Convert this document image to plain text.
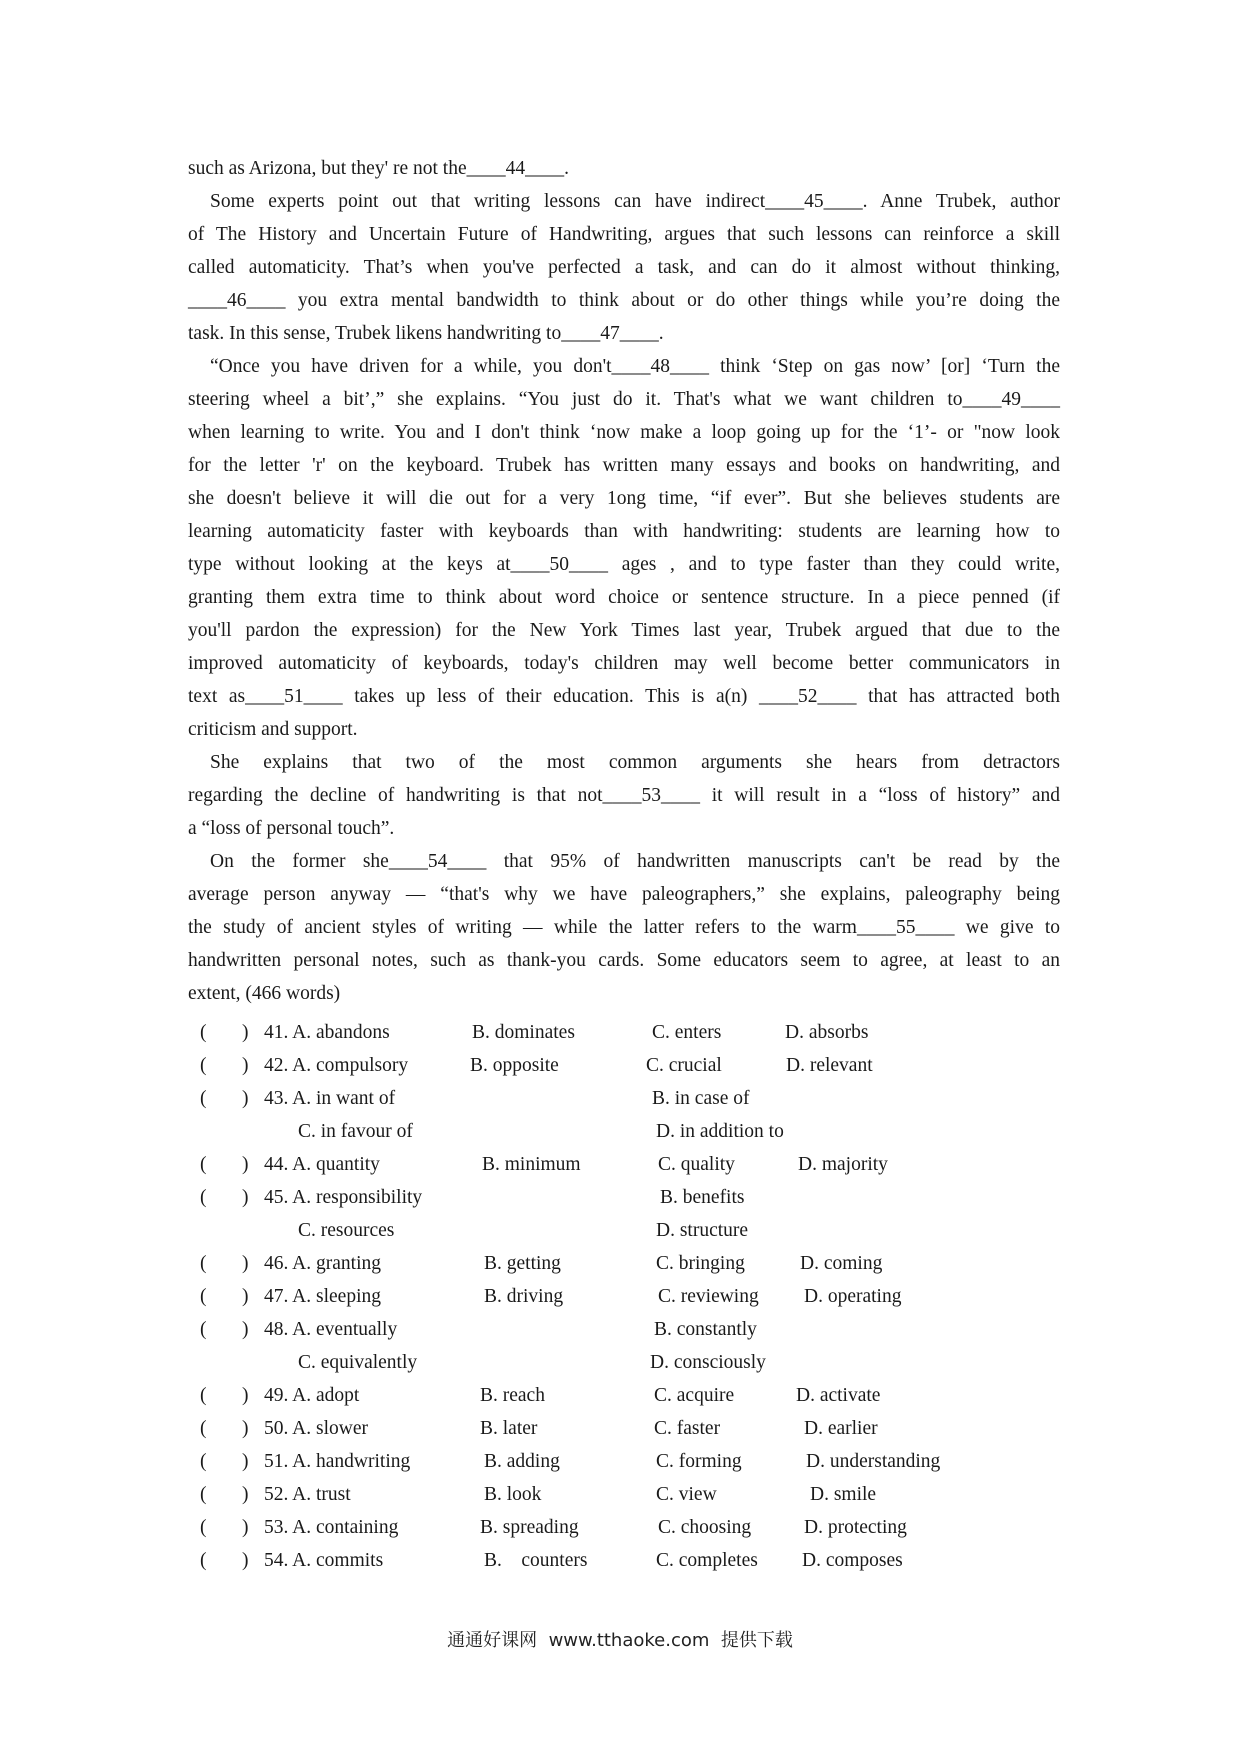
such as Arizona, but they' re not the____44____.
Some experts point out that writing lessons can have indirect____45____. Anne Trubek, author
of The History and Uncertain Future of Handwriting, argues that such lessons can reinforce a skill
called automaticity. That’s when you've perfected a task, and can do it almost without thinking,
____46____ you extra mental bandwidth to think about or do other things while you’re doing the
task. In this sense, Trubek likens handwriting to____47____.
“Once you have driven for a while, you don't____48____ think ‘Step on gas now’ [or] ‘Turn the
steering wheel a bit’,” she explains. “You just do it. That's what we want children to____49____
when learning to write. You and I don't think ‘now make a loop going up for the ‘1’- or "now look
for the letter 'r' on the keyboard. Trubek has written many essays and books on handwriting, and
she doesn't believe it will die out for a very 1ong time, “if ever”. But she believes students are
learning automaticity faster with keyboards than with handwriting: students are learning how to
type without looking at the keys at____50____ ages , and to type faster than they could write,
granting them extra time to think about word choice or sentence structure. In a piece penned (if
you'll pardon the expression) for the New York Times last year, Trubek argued that due to the
improved automaticity of keyboards, today's children may well become better communicators in
text as____51____ takes up less of their education. This is a(n) ____52____ that has attracted both
criticism and support.
She explains that two of the most common arguments she hears from detractors
regarding the decline of handwriting is that not____53____ it will result in a “loss of history” and
a “loss of personal touch”.
On the former she____54____ that 95% of handwritten manuscripts can't be read by the
average person anyway — “that's why we have paleographers,” she explains, paleography being
the study of ancient styles of writing — while the latter refers to the warm____55____ we give to
handwritten personal notes, such as thank-you cards. Some educators seem to agree, at least to an
extent, (466 words)
( ) 41. A. abandons	B. dominates	C. enters	D. absorbs
( ) 42. A. compulsory	B. opposite	C. crucial	D. relevant
( ) 43. A. in want of	B. in case of
C. in favour of	D. in addition to
( ) 44. A. quantity	B. minimum	C. quality	D. majority
( ) 45. A. responsibility	B. benefits
C. resources	D. structure
( ) 46. A. granting	B. getting	C. bringing	D. coming
( ) 47. A. sleeping	B. driving	C. reviewing D. operating
( ) 48. A. eventually	B. constantly
C. equivalently	D. consciously
( ) 49. A. adopt	B. reach	C. acquire	D. activate
( ) 50. A. slower	B. later	C. faster	D. earlier
( ) 51. A. handwriting	B. adding	C. forming	D. understanding
( ) 52. A. trust	B. look	C. view	D. smile
( ) 53. A. containing	B. spreading	C. choosing	D. protecting
( ) 54. A. commits	B.    counters	C. completes D. composes
通通好课网  www.tthaoke.com  提供下载
